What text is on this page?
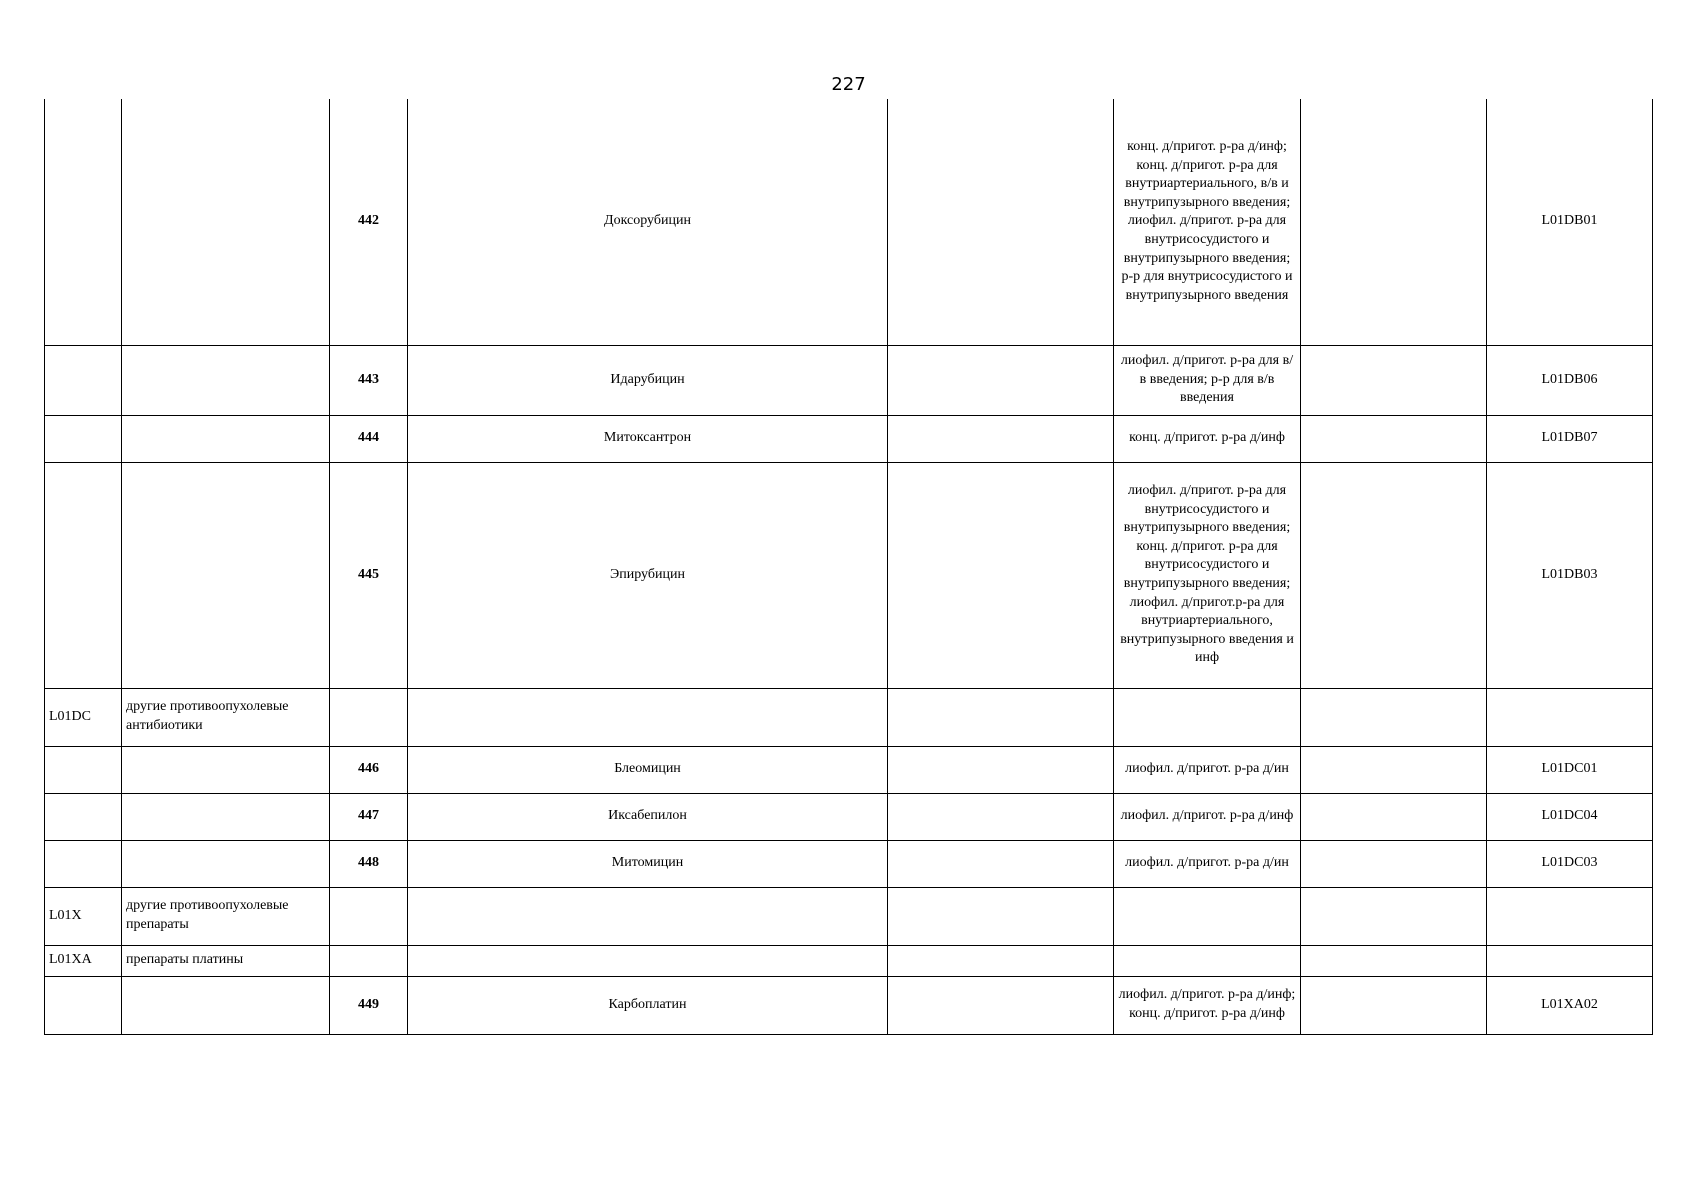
227
		442	Доксорубицин		конц. д/пригот. р-ра д/инф; конц. д/пригот. р-ра для внутриартериального, в/в и внутрипузырного введения; лиофил. д/пригот. р-ра для внутрисосудистого и внутрипузырного введения; р-р для внутрисосудистого и внутрипузырного введения		L01DB01
		443	Идарубицин		лиофил. д/пригот. р-ра для в/в введения; р-р для в/в введения		L01DB06
		444	Митоксантрон		конц. д/пригот. р-ра д/инф		L01DB07
		445	Эпирубицин		лиофил. д/пригот. р-ра для внутрисосудистого и внутрипузырного введения; конц. д/пригот. р-ра для внутрисосудистого и внутрипузырного введения; лиофил. д/пригот.р-ра для внутриартериального, внутрипузырного введения и инф		L01DB03
L01DC	другие противоопухолевые антибиотики						
		446	Блеомицин		лиофил. д/пригот. р-ра д/ин		L01DC01
		447	Иксабепилон		лиофил. д/пригот. р-ра д/инф		L01DC04
		448	Митомицин		лиофил. д/пригот. р-ра д/ин		L01DC03
L01X	другие противоопухолевые препараты						
L01XA	препараты платины						
		449	Карбоплатин		лиофил. д/пригот. р-ра д/инф; конц. д/пригот. р-ра д/инф		L01XA02
